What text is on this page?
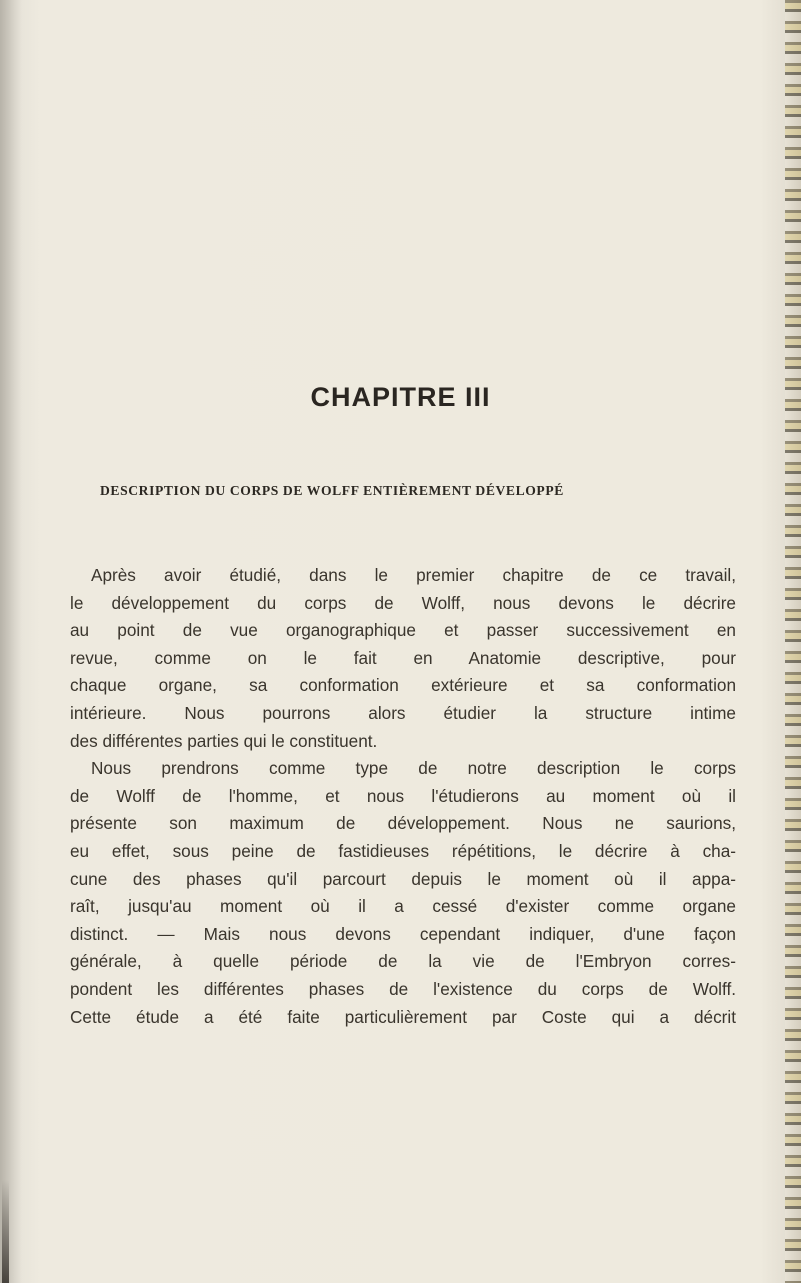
CHAPITRE III
DESCRIPTION DU CORPS DE WOLFF ENTIÈREMENT DÉVELOPPÉ
Après avoir étudié, dans le premier chapitre de ce travail,
le développement du corps de Wolff, nous devons le décrire
au point de vue organographique et passer successivement en
revue, comme on le fait en Anatomie descriptive, pour
chaque organe, sa conformation extérieure et sa conformation
intérieure. Nous pourrons alors étudier la structure intime
des différentes parties qui le constituent.
Nous prendrons comme type de notre description le corps
de Wolff de l'homme, et nous l'étudierons au moment où il
présente son maximum de développement. Nous ne saurions,
eu effet, sous peine de fastidieuses répétitions, le décrire à cha-
cune des phases qu'il parcourt depuis le moment où il appa-
raît, jusqu'au moment où il a cessé d'exister comme organe
distinct. — Mais nous devons cependant indiquer, d'une façon
générale, à quelle période de la vie de l'Embryon corres-
pondent les différentes phases de l'existence du corps de Wolff.
Cette étude a été faite particulièrement par Coste qui a décrit
